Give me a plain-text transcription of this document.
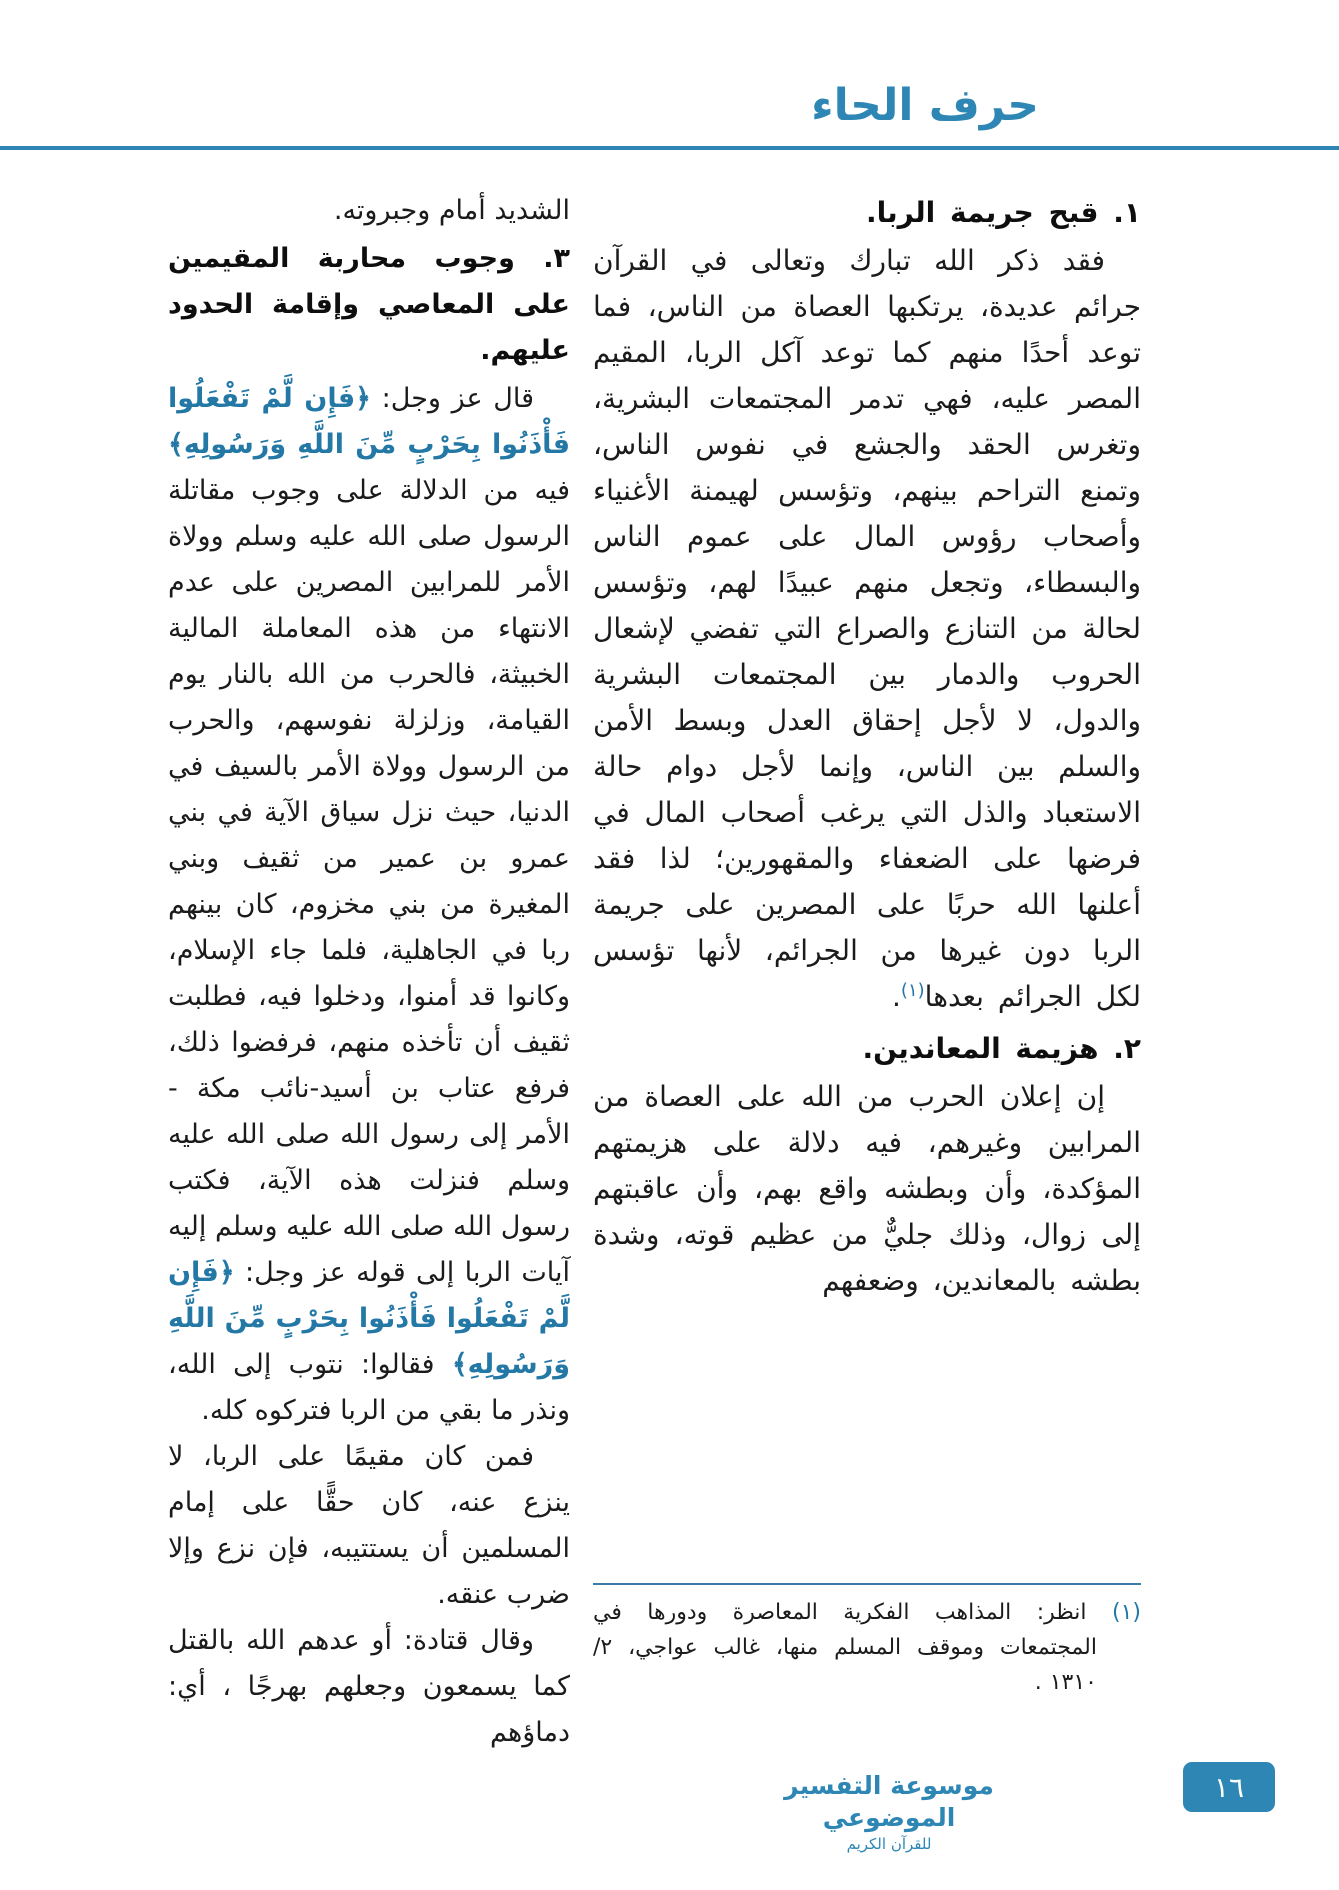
حرف الحاء
١. قبح جريمة الربا.

فقد ذكر الله تبارك وتعالى في القرآن جرائم عديدة، يرتكبها العصاة من الناس، فما توعد أحدًا منهم كما توعد آكل الربا، المقيم المصر عليه، فهي تدمر المجتمعات البشرية، وتغرس الحقد والجشع في نفوس الناس، وتمنع التراحم بينهم، وتؤسس لهيمنة الأغنياء وأصحاب رؤوس المال على عموم الناس والبسطاء، وتجعل منهم عبيدًا لهم، وتؤسس لحالة من التنازع والصراع التي تفضي لإشعال الحروب والدمار بين المجتمعات البشرية والدول، لا لأجل إحقاق العدل وبسط الأمن والسلم بين الناس، وإنما لأجل دوام حالة الاستعباد والذل التي يرغب أصحاب المال في فرضها على الضعفاء والمقهورين؛ لذا فقد أعلنها الله حربًا على المصرين على جريمة الربا دون غيرها من الجرائم، لأنها تؤسس لكل الجرائم بعدها$^{(١)}$.

٢. هزيمة المعاندين.

إن إعلان الحرب من الله على العصاة من المرابين وغيرهم، فيه دلالة على هزيمتهم المؤكدة، وأن وبطشه واقع بهم، وأن عاقبتهم إلى زوال، وذلك جليٌّ من عظيم قوته، وشدة بطشه بالمعاندين، وضعفهم

(١) انظر: المذاهب الفكرية المعاصرة ودورها في المجتمعات وموقف المسلم منها، غالب عواجي، ٢/ ١٣١٠ .

الشديد أمام وجبروته.

٣. وجوب محاربة المقيمين على المعاصي وإقامة الحدود عليهم.

قال عز وجل: ﴿فَإِن لَّمْ تَفْعَلُوا فَأْذَنُوا بِحَرْبٍ مِّنَ اللَّهِ وَرَسُولِهِ﴾ فيه من الدلالة على وجوب مقاتلة الرسول صلى الله عليه وسلم وولاة الأمر للمرابين المصرين على عدم الانتهاء من هذه المعاملة المالية الخبيثة، فالحرب من الله بالنار يوم القيامة، وزلزلة نفوسهم، والحرب من الرسول وولاة الأمر بالسيف في الدنيا، حيث نزل سياق الآية في بني عمرو بن عمير من ثقيف وبني المغيرة من بني مخزوم، كان بينهم ربا في الجاهلية، فلما جاء الإسلام، وكانوا قد أمنوا، ودخلوا فيه، فطلبت ثقيف أن تأخذه منهم، فرفضوا ذلك، فرفع عتاب بن أسيد-نائب مكة - الأمر إلى رسول الله صلى الله عليه وسلم فنزلت هذه الآية، فكتب رسول الله صلى الله عليه وسلم إليه آيات الربا إلى قوله عز وجل: ﴿فَإِن لَّمْ تَفْعَلُوا فَأْذَنُوا بِحَرْبٍ مِّنَ اللَّهِ وَرَسُولِهِ﴾ فقالوا: نتوب إلى الله، ونذر ما بقي من الربا فتركوه كله.

فمن كان مقيمًا على الربا، لا ينزع عنه، كان حقًّا على إمام المسلمين أن يستتيبه، فإن نزع وإلا ضرب عنقه.

وقال قتادة: أو عدهم الله بالقتل كما يسمعون وجعلهم بهرجًا ، أي: دماؤهم

موسوعة التفسير الموضوعي
للقرآن الكريم
١٦
